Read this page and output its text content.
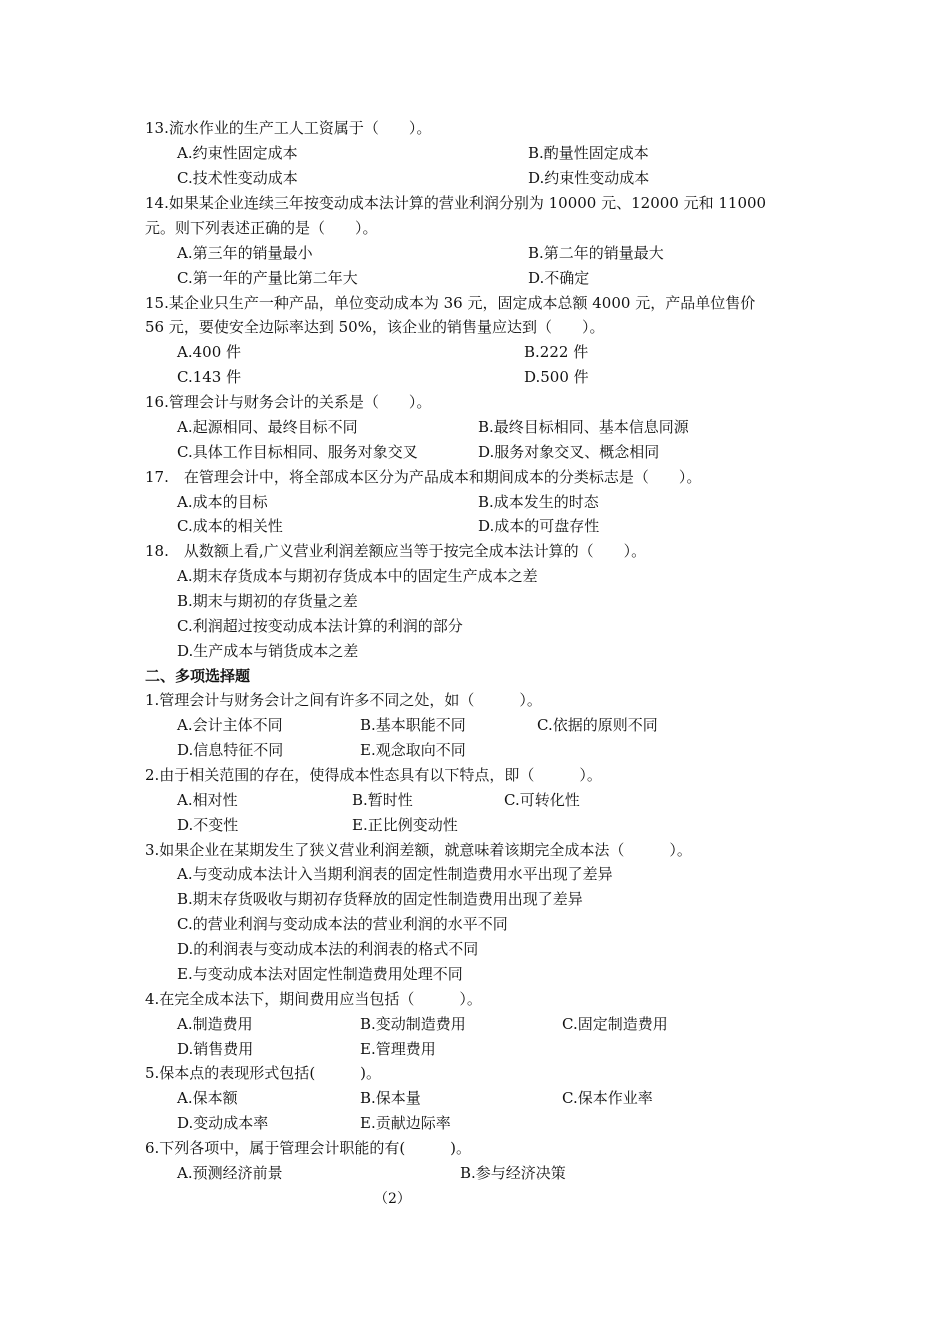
13.流水作业的生产工人工资属于（　　）。
A.约束性固定成本	B.酌量性固定成本
C.技术性变动成本	D.约束性变动成本
14.如果某企业连续三年按变动成本法计算的营业利润分别为 10000 元、12000 元和 11000
元。则下列表述正确的是（　　）。
A.第三年的销量最小	B.第二年的销量最大
C.第一年的产量比第二年大	D.不确定
15.某企业只生产一种产品，单位变动成本为 36 元，固定成本总额 4000 元，产品单位售价
56 元，要使安全边际率达到 50%，该企业的销售量应达到（　　）。
A.400 件	B.222 件
C.143 件	D.500 件
16.管理会计与财务会计的关系是（　　）。
A.起源相同、最终目标不同	B.最终目标相同、基本信息同源
C.具体工作目标相同、服务对象交叉	D.服务对象交叉、概念相同
17.　在管理会计中，将全部成本区分为产品成本和期间成本的分类标志是（　　）。
A.成本的目标	B.成本发生的时态
C.成本的相关性	D.成本的可盘存性
18.　从数额上看,广义营业利润差额应当等于按完全成本法计算的（　　）。
A.期末存货成本与期初存货成本中的固定生产成本之差
B.期末与期初的存货量之差
C.利润超过按变动成本法计算的利润的部分
D.生产成本与销货成本之差
二、多项选择题
1.管理会计与财务会计之间有许多不同之处，如（　　　）。
A.会计主体不同	B.基本职能不同	C.依据的原则不同
D.信息特征不同	E.观念取向不同
2.由于相关范围的存在，使得成本性态具有以下特点，即（　　　）。
A.相对性	B.暂时性	C.可转化性
D.不变性	E.正比例变动性
3.如果企业在某期发生了狭义营业利润差额，就意味着该期完全成本法（　　　）。
A.与变动成本法计入当期利润表的固定性制造费用水平出现了差异
B.期末存货吸收与期初存货释放的固定性制造费用出现了差异
C.的营业利润与变动成本法的营业利润的水平不同
D.的利润表与变动成本法的利润表的格式不同
E.与变动成本法对固定性制造费用处理不同
4.在完全成本法下，期间费用应当包括（　　　）。
A.制造费用	B.变动制造费用	C.固定制造费用
D.销售费用	E.管理费用
5.保本点的表现形式包括(　　　)。
A.保本额	B.保本量	C.保本作业率
D.变动成本率	E.贡献边际率
6.下列各项中，属于管理会计职能的有(　　　)。
A.预测经济前景	B.参与经济决策
（2）
